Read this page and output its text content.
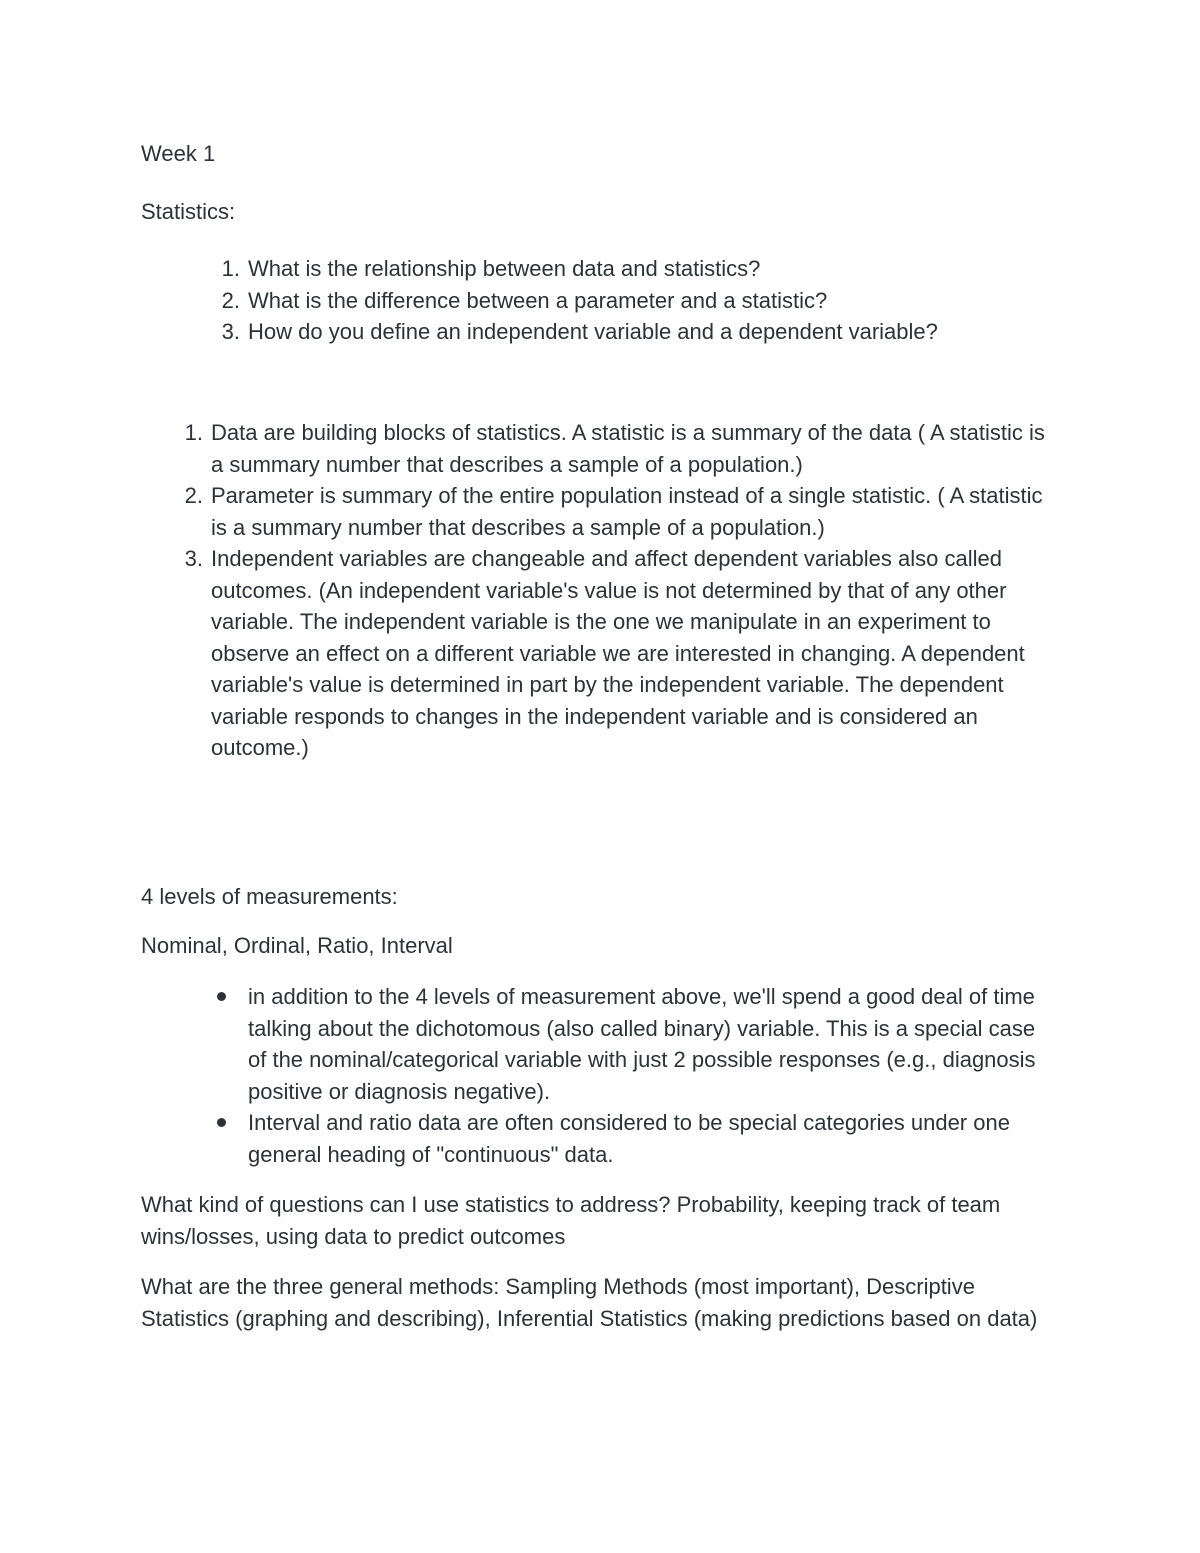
Week 1

Statistics:

1. What is the relationship between data and statistics?
2. What is the difference between a parameter and a statistic?
3. How do you define an independent variable and a dependent variable?
1. Data are building blocks of statistics. A statistic is a summary of the data ( A statistic is a summary number that describes a sample of a population.)
2. Parameter is summary of the entire population instead of a single statistic. ( A statistic is a summary number that describes a sample of a population.)
3. Independent variables are changeable and affect dependent variables also called outcomes. (An independent variable's value is not determined by that of any other variable. The independent variable is the one we manipulate in an experiment to observe an effect on a different variable we are interested in changing. A dependent variable's value is determined in part by the independent variable. The dependent variable responds to changes in the independent variable and is considered an outcome.)

4 levels of measurements:

Nominal, Ordinal, Ratio, Interval

in addition to the 4 levels of measurement above, we'll spend a good deal of time talking about the dichotomous (also called binary) variable. This is a special case of the nominal/categorical variable with just 2 possible responses (e.g., diagnosis positive or diagnosis negative).
Interval and ratio data are often considered to be special categories under one general heading of "continuous" data.

What kind of questions can I use statistics to address? Probability, keeping track of team wins/losses, using data to predict outcomes

What are the three general methods: Sampling Methods (most important), Descriptive Statistics (graphing and describing), Inferential Statistics (making predictions based on data)
